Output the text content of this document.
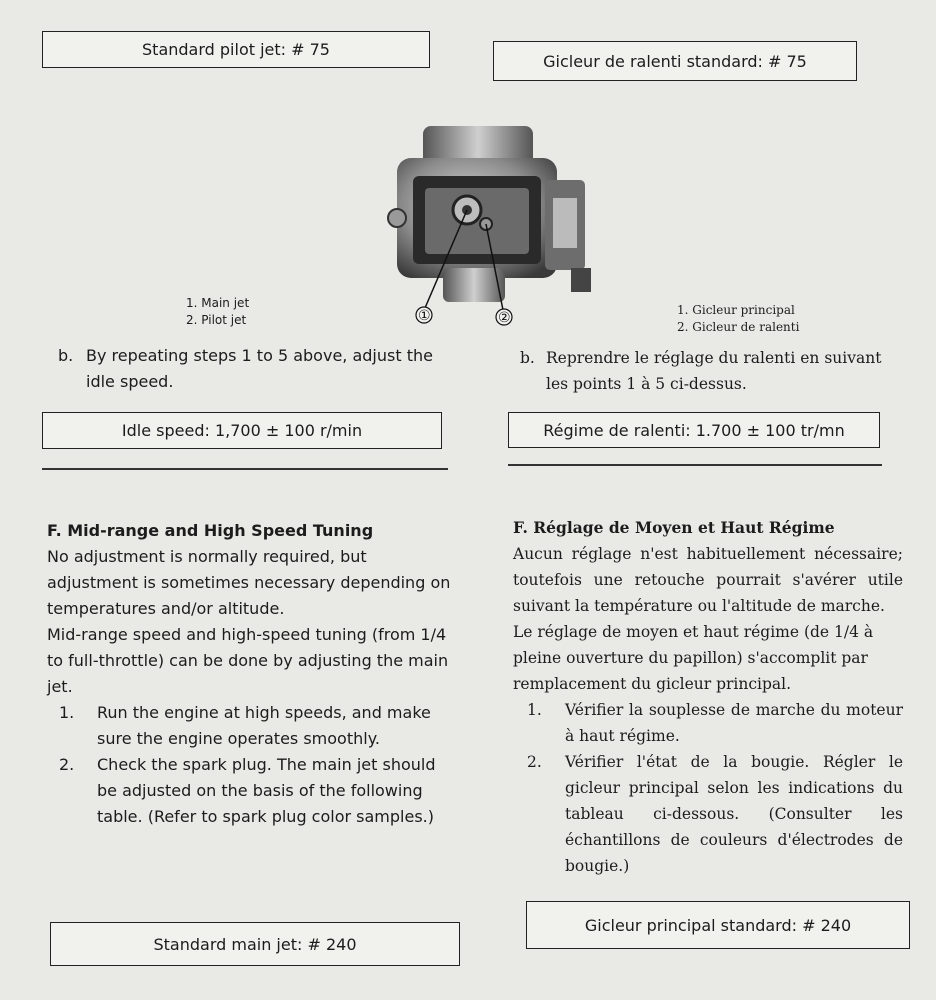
Standard pilot jet: # 75
Gicleur de ralenti standard: # 75
①	②
1. Main jet
2. Pilot jet
1. Gicleur principal
2. Gicleur de ralenti
b. By repeating steps 1 to 5 above, adjust the idle speed.
b. Reprendre le réglage du ralenti en suivant les points 1 à 5 ci-dessus.
Idle speed: 1,700 ± 100 r/min	Régime de ralenti: 1.700 ± 100 tr/mn
F. Mid-range and High Speed Tuning
No adjustment is normally required, but adjustment is sometimes necessary depending on temperatures and/or altitude.
Mid-range speed and high-speed tuning (from 1/4 to full-throttle) can be done by adjusting the main jet.
1.	Run the engine at high speeds, and make sure the engine operates smoothly.
2.	Check the spark plug. The main jet should be adjusted on the basis of the following table. (Refer to spark plug color samples.)
F. Réglage de Moyen et Haut Régime
Aucun réglage n'est habituellement nécessaire; toutefois une retouche pourrait s'avérer utile suivant la température ou l'altitude de marche.
Le réglage de moyen et haut régime (de 1/4 à pleine ouverture du papillon) s'accomplit par remplacement du gicleur principal.
1.	Vérifier la souplesse de marche du moteur à haut régime.
2.	Vérifier l'état de la bougie. Régler le gicleur principal selon les indications du tableau ci-dessous. (Consulter les échantillons de couleurs d'électrodes de bougie.)
Standard main jet: # 240
Gicleur principal standard: # 240
